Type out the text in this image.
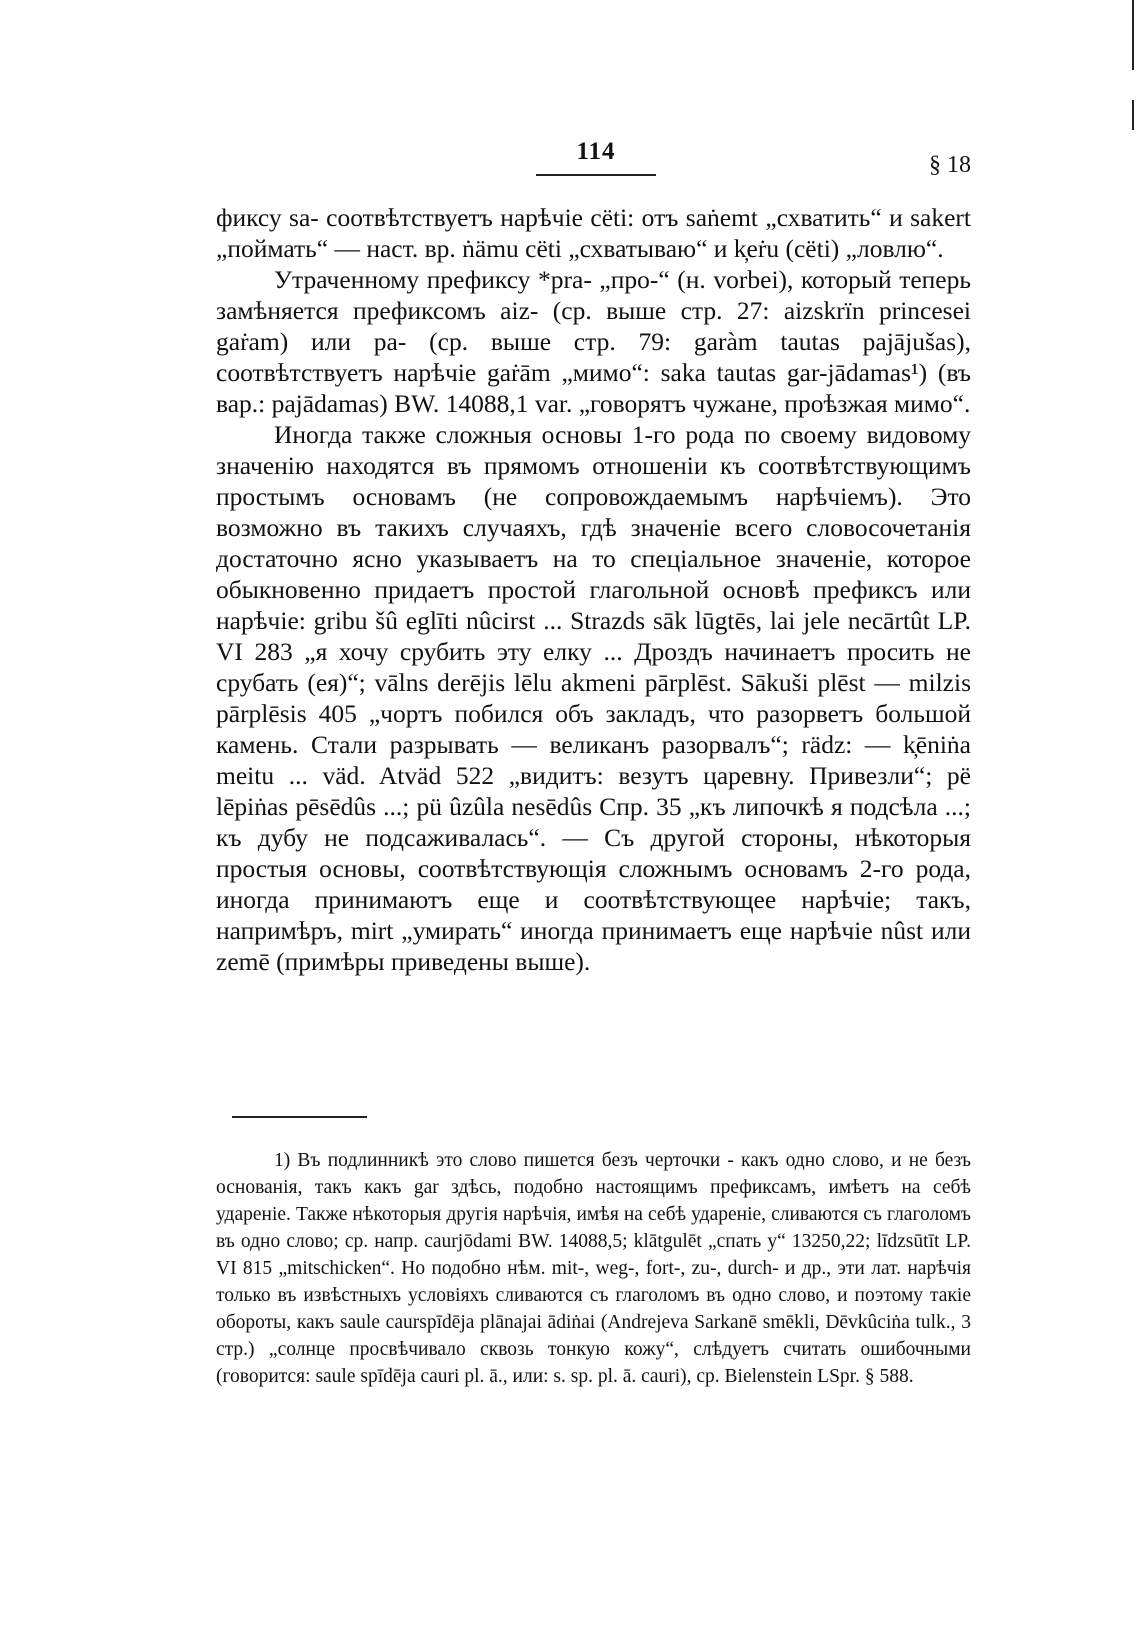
114	§ 18

фиксу sa- соотвѣтствуетъ нарѣчіе cëti: отъ saṅemt „схватить“ и sakert „поймать“ — наст. вр. ṅämu cëti „схватываю“ и k̦eṙu (cëti) „ловлю“.

Утраченному префиксу *pra- „про-“ (н. vorbei), который теперь замѣняется префиксомъ aiz- (ср. выше стр. 27: aizskrïn princesei gaṙam) или pa- (ср. выше стр. 79: garàm tautas pajājušas), соотвѣтствуетъ нарѣчіе gaṙām „мимо“: saka tautas gar-jādamas¹) (въ вар.: pajādamas) BW. 14088,1 var. „говорятъ чужане, проѣзжая мимо“.

Иногда также сложныя основы 1-го рода по своему видовому значенію находятся въ прямомъ отношеніи къ соотвѣтствующимъ простымъ основамъ (не сопровождаемымъ нарѣчіемъ). Это возможно въ такихъ случаяхъ, гдѣ значеніе всего словосочетанія достаточно ясно указываетъ на то спеціальное значеніе, которое обыкновенно придаетъ простой глагольной основѣ префиксъ или нарѣчіе: gribu šû eglīti nûcirst ... Strazds sāk lūgtēs, lai jele necārtût LP. VI 283 „я хочу срубить эту елку ... Дроздъ начинаетъ просить не срубать (ея)“; vālns derējis lēlu akmeni pārplēst. Sākuši plēst — milzis pārplēsis 405 „чортъ побился объ закладъ, что разорветъ большой камень. Стали разрывать — великанъ разорвалъ“; rädz: — k̦ēniṅa meitu ... väd. Atväd 522 „видитъ: везутъ царевну. Привезли“; pë lēpiṅas pēsēdûs ...; pü ûzûla nesēdûs Спр. 35 „къ липочкѣ я подсѣла ...; къ дубу не подсаживалась“. — Съ другой стороны, нѣкоторыя простыя основы, соотвѣтствующія сложнымъ основамъ 2-го рода, иногда принимаютъ еще и соотвѣтствующее нарѣчіе; такъ, напримѣръ, mirt „умирать“ иногда принимаетъ еще нарѣчіе nûst или zemē (примѣры приведены выше).

1) Въ подлинникѣ это слово пишется безъ черточки - какъ одно слово, и не безъ основанія, такъ какъ gar здѣсь, подобно настоящимъ префиксамъ, имѣетъ на себѣ удареніе. Также нѣкоторыя другія нарѣчія, имѣя на себѣ удареніе, сливаются съ глаголомъ въ одно слово; ср. напр. caurjōdami BW. 14088,5; klātgulēt „спать у“ 13250,22; līdzsūtīt LP. VI 815 „mitschicken“. Но подобно нѣм. mit-, weg-, fort-, zu-, durch- и др., эти лат. нарѣчія только въ извѣстныхъ условіяхъ сливаются съ глаголомъ въ одно слово, и поэтому такіе обороты, какъ saule caurspīdēja plānajai ādiṅai (Andrejeva Sarkanē smēkli, Dēvkûciṅa tulk., 3 стр.) „солнце просвѣчивало сквозь тонкую кожу“, слѣдуетъ считать ошибочными (говорится: saule spīdēja cauri pl. ā., или: s. sp. pl. ā. cauri), ср. Bielenstein LSpr. § 588.
